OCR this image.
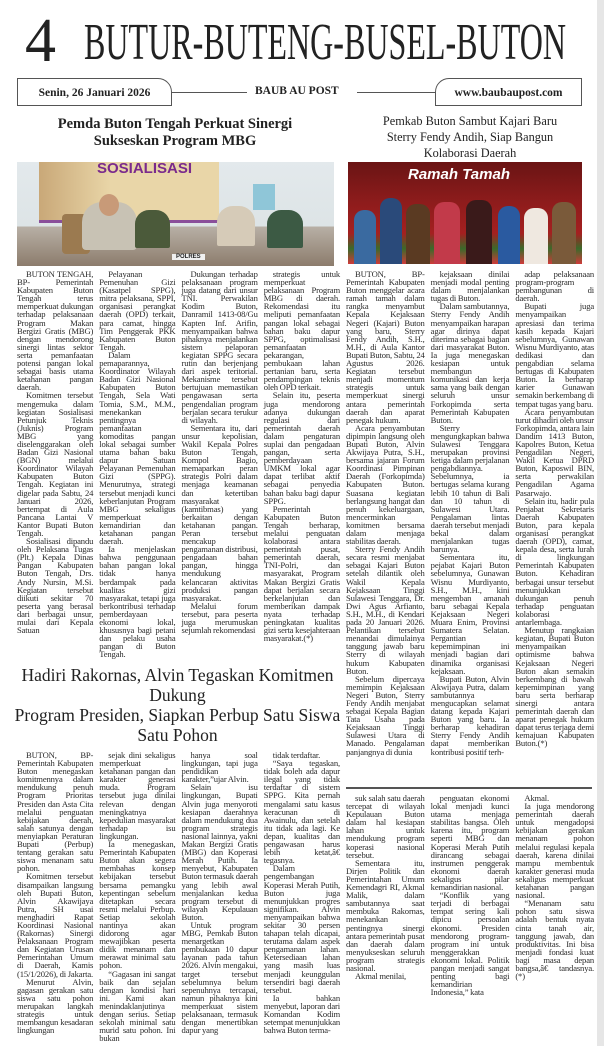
4 BUTUR-BUTENG-BUSEL-BUTON
Senin, 26 Januari 2026	BAUB AU POST	www.baubaupost.com
Pemda Buton Tengah Perkuat Sinergi
Sukseskan Program MBG
SOSIALISASI
POLRES

BUTON TENGAH, BP- Pemerintah Kabupaten Buton Tengah terus memperkuat dukungan terhadap pelaksanaan Program Makan Bergizi Gratis (MBG) dengan mendorong sinergi lintas sektor serta pemanfaatan potensi pangan lokal sebagai basis utama ketahanan pangan daerah.

Komitmen tersebut mengemuka dalam kegiatan Sosialisasi Petunjuk Teknis (Juknis) Program MBG yang diselenggarakan oleh Badan Gizi Nasional (BGN) melalui Koordinator Wilayah Kabupaten Buton Tengah. Kegiatan ini digelar pada Sabtu, 24 Januari 2026, bertempat di Aula Pancana Lantai V Kantor Bupati Buton Tengah.

Sosialisasi dipandu oleh Pelaksana Tugas (Plt.) Kepala Dinas Pangan Kabupaten Buton Tengah, Drs. Andy Nursin, M.Si. Kegiatan tersebut diikuti sekitar 70 peserta yang berasal dari berbagai unsur, mulai dari Kepala Satuan

Pelayanan Pemenuhan Gizi (Kasatpel SPPG), mitra pelaksana, SPPI, organisasi perangkat daerah (OPD) terkait, para camat, hingga Tim Penggerak PKK Kabupaten Buton Tengah.

Dalam pemaparannya, Koordinator Wilayah Badan Gizi Nasional Kabupaten Buton Tengah, Sela Wati Tomia, S.M., M.M., menekankan pentingnya pemanfaatan komoditas pangan lokal sebagai sumber utama bahan baku dapur Satuan Pelayanan Pemenuhan Gizi (SPPG). Menurutnya, strategi tersebut menjadi kunci keberlanjutan Program MBG sekaligus memperkuat kemandirian dan ketahanan pangan daerah.

Ia menjelaskan bahwa penggunaan bahan pangan lokal tidak hanya berdampak pada kualitas gizi masyarakat, tetapi juga berkontribusi terhadap pemberdayaan ekonomi lokal, khususnya bagi petani dan pelaku usaha pangan di Buton Tengah.

Dukungan terhadap pelaksanaan program juga datang dari unsur TNI. Perwakilan Kodim Buton, Danramil 1413-08/Gu Kapten Inf. Arifin, menyampaikan bahwa pihaknya menjalankan sistem pelaporan kegiatan SPPG secara rutin dan berjenjang dari aspek teritorial. Mekanisme tersebut bertujuan memastikan pengawasan serta pengendalian program berjalan secara terukur di wilayah.

Sementara itu, dari unsur kepolisian, Wakil Kepala Polres Buton Tengah, Kompol Bagio, memaparkan peran strategis Polri dalam menjaga keamanan dan ketertiban masyarakat (kamtibmas) yang berkaitan dengan ketahanan pangan. Peran tersebut mencakup pengamanan distribusi, pengadaan bahan pangan, hingga mendukung kelancaran aktivitas produksi pangan masyarakat.

Melalui forum tersebut, para peserta juga merumuskan sejumlah rekomendasi

strategis untuk memperkuat pelaksanaan Program MBG di daerah. Rekomendasi itu meliputi pemanfaatan pangan lokal sebagai bahan baku dapur SPPG, optimalisasi pemanfaatan pekarangan, pembukaan lahan pertanian baru, serta pendampingan teknis oleh OPD terkait.

Selain itu, peserta juga mendorong adanya dukungan regulasi dari pemerintah daerah dalam pengaturan suplai dan pengadaan pangan, serta pemberdayaan UMKM lokal agar dapat terlibat aktif sebagai penyedia bahan baku bagi dapur SPPG.

Pemerintah Kabupaten Buton Tengah berharap, melalui penguatan kolaborasi antara pemerintah pusat, pemerintah daerah, TNI-Polri, dan masyarakat, Program Makan Bergizi Gratis dapat berjalan secara berkelanjutan dan memberikan dampak nyata terhadap peningkatan kualitas gizi serta kesejahteraan masyarakat.(*)

Pemkab Buton Sambut Kajari Baru
Sterry Fendy Andih, Siap Bangun
Kolaborasi Daerah
Ramah Tamah

BUTON, BP- Pemerintah Kabupaten Buton menggelar acara ramah tamah dalam rangka menyambut Kepala Kejaksaan Negeri (Kajari) Buton yang baru, Sterry Fendy Andih, S.H., M.H., di Aula Kantor Bupati Buton, Sabtu, 24 Agustus 2026. Kegiatan tersebut menjadi momentum strategis untuk memperkuat sinergi antara pemerintah daerah dan aparat penegak hukum.

Acara penyambutan dipimpin langsung oleh Bupati Buton, Alvin Akwijaya Putra, S.H., bersama jajaran Forum Koordinasi Pimpinan Daerah (Forkopimda) Kabupaten Buton. Suasana kegiatan berlangsung hangat dan penuh kekeluargaan, mencerminkan komitmen bersama dalam menjaga stabilitas daerah.

Sterry Fendy Andih secara resmi menjabat sebagai Kajari Buton setelah dilantik oleh Wakil Kepala Kejaksaan Tinggi Sulawesi Tenggara, Dr. Dwi Agus Arfianto, S.H., M.H., di Kendari pada 20 Januari 2026. Pelantikan tersebut menandai dimulainya tanggung jawab baru Sterry di wilayah hukum Kabupaten Buton.

Sebelum dipercaya memimpin Kejaksaan Negeri Buton, Sterry Fendy Andih menjabat sebagai Kepala Bagian Tata Usaha pada Kejaksaan Tinggi Sulawesi Utara di Manado. Pengalaman panjangnya di dunia

kejaksaan dinilai menjadi modal penting dalam menjalankan tugas di Buton.

Dalam sambutannya, Sterry Fendy Andih menyampaikan harapan agar dirinya dapat diterima sebagai bagian dari masyarakat Buton. Ia juga menegaskan kesiapan untuk membangun komunikasi dan kerja sama yang baik dengan seluruh unsur Forkopimda serta Pemerintah Kabupaten Buton.

Sterry mengungkapkan bahwa Sulawesi Tenggara merupakan provinsi ketiga dalam perjalanan pengabdiannya. Sebelumnya, ia bertugas selama kurang lebih 10 tahun di Bali dan 10 tahun di Sulawesi Utara. Pengalaman lintas daerah tersebut menjadi bekal dalam menjalankan tugas barunya.

Sementara itu, pejabat Kajari Buton sebelumnya, Gunawan Wisnu Murdiyanto, S.H., M.H., kini mengemban amanah baru sebagai Kepala Kejaksaan Negeri Muara Enim, Provinsi Sumatera Selatan. Pergantian kepemimpinan ini menjadi bagian dari dinamika organisasi kejaksaan.

Bupati Buton, Alvin Akwijaya Putra, dalam sambutannya mengucapkan selamat datang kepada Kajari Buton yang baru. Ia berharap kehadiran Sterry Fendy Andih dapat memberikan kontribusi positif terh-

adap pelaksanaan program-program pembangunan di daerah.

Bupati juga menyampaikan apresiasi dan terima kasih kepada Kajari sebelumnya, Gunawan Wisnu Murdiyanto, atas dedikasi dan pengabdian selama bertugas di Kabupaten Buton. Ia berharap karier Gunawan semakin berkembang di tempat tugas yang baru.

Acara penyambutan turut dihadiri oleh unsur Forkopimda, antara lain Dandim 1413 Buton, Kapolres Buton, Ketua Pengadilan Negeri, Wakil Ketua DPRD Buton, Kaposwil BIN, serta perwakilan Pengadilan Agama Pasarwajo.

Selain itu, hadir pula Penjabat Sekretaris Daerah Kabupaten Buton, para kepala organisasi perangkat daerah (OPD), camat, kepala desa, serta lurah di lingkungan Pemerintah Kabupaten Buton. Kehadiran berbagai unsur tersebut menunjukkan dukungan penuh terhadap penguatan kolaborasi antarlembaga.

Menutup rangkaian kegiatan, Bupati Buton menyampaikan optimisme bahwa Kejaksaan Negeri Buton akan semakin berkembang di bawah kepemimpinan yang baru serta berharap sinergi antara pemerintah daerah dan aparat penegak hukum dapat terus terjaga demi kemajuan Kabupaten Buton.(*)

Hadiri Rakornas, Alvin Tegaskan Komitmen Dukung
Program Presiden, Siapkan Perbup Satu Siswa
Satu Pohon

BUTON, BP-Pemerintah Kabupaten Buton menegaskan komitmennya dalam mendukung penuh Program Prioritas Presiden dan Asta Cita melalui penguatan kebijakan daerah, salah satunya dengan menyiapkan Peraturan Bupati (Perbup) tentang gerakan satu siswa menanam satu pohon.

Komitmen tersebut disampaikan langsung oleh Bupati Buton, Alvin Akawijaya Putra, SH usai menghadiri Rapat Koordinasi Nasional (Rakornas) Sinergi Pelaksanaan Program dan Kegiatan Urusan Pemerintahan Umum di Daerah, Kamis (15/1/2026), di Jakarta.

Menurut Alvin, gagasan gerakan satu siswa satu pohon merupakan langkah strategis untuk membangun kesadaran lingkungan

sejak dini sekaligus memperkuat ketahanan pangan dan karakter generasi muda. Program tersebut juga dinilai relevan dengan meningkatnya kepedulian masyarakat terhadap isu lingkungan.

Ia menegaskan, Pemerintah Kabupaten Buton akan segera membahas konsep kebijakan tersebut bersama pemangku kepentingan sebelum ditetapkan secara resmi melalui Perbup. Setiap sekolah nantinya akan didorong agar mewajibkan peserta didik menanam dan merawat minimal satu pohon.

“Gagasan ini sangat baik dan sejalan dengan kondisi hari ini. Kami akan menindaklanjutinya dengan serius. Setiap sekolah minimal satu murid satu pohon. Ini bukan

hanya soal lingkungan, tapi juga pendidikan karakter,”ujar Alvin.

Selain isu lingkungan, Bupati Alvin juga menyoroti kesiapan daerahnya dalam mendukung dua program strategis nasional lainnya, yakni Makan Bergizi Gratis (MBG) dan Koperasi Merah Putih. Ia menyebut, Kabupaten Buton termasuk daerah yang lebih awal menjalankan kedua program tersebut di wilayah Kepulauan Buton.

Untuk program MBG, Pemkab Buton menargetkan pembukaan 10 dapur layanan pada tahun 2026. Alvin mengakui, target tersebut sebelumnya belum sepenuhnya tercapai, namun pihaknya kini memperkuat sistem pelaksanaan, termasuk dengan menertibkan dapur yang

tidak terdaftar.

“Saya tegaskan, tidak boleh ada dapur ilegal yang tidak terdaftar di sistem SPPG. Kita pernah mengalami satu kasus keracunan di Awainulu, dan setelah itu tidak ada lagi. Ke depan, kualitas dan pengawasan harus lebih ketat,â€ tegasnya.

Dalam pengembangan Koperasi Merah Putih, Buton juga menunjukkan progres signifikan. Alvin menyampaikan bahwa sekitar 30 persen tahapan telah dicapai, terutama dalam aspek pengamanan lahan. Ketersediaan lahan yang masih luas menjadi keunggulan tersendiri bagi daerah tersebut.

Ia bahkan menyebut, laporan dari Komandan Kodim setempat menunjukkan bahwa Buton terma-

suk salah satu daerah tercepat di wilayah Kepulauan Buton dalam hal kesiapan lahan untuk mendukung program koperasi nasional tersebut.

Sementara itu, Dirjen Politik dan Pemerintahan Umum Kemendagri RI, Akmal Malik, dalam sambutannya saat membuka Rakornas, menekankan pentingnya sinergi antara pemerintah pusat dan daerah dalam menyukseskan seluruh program strategis nasional.

Akmal menilai,

penguatan ekonomi lokal menjadi kunci utama menjaga stabilitas bangsa. Oleh karena itu, program seperti MBG dan Koperasi Merah Putih dirancang sebagai instrumen penggerak ekonomi daerah sekaligus pilar kemandirian nasional.

“Konflik yang terjadi di berbagai tempat sering kali dipicu persoalan ekonomi. Presiden mendorong program-program ini untuk menggerakkan ekonomi lokal. Politik pangan menjadi sangat penting bagi kemandirian Indonesia,” kata

Akmal.

Ia juga mendorong pemerintah daerah untuk mengadopsi kebijakan gerakan menanam pohon melalui regulasi kepala daerah, karena dinilai mampu membentuk karakter generasi muda sekaligus memperkuat ketahanan pangan nasional.

“Menanam satu pohon satu siswa adalah bentuk nyata cinta tanah air, tanggung jawab, dan produktivitas. Ini bisa menjadi fondasi kuat bagi masa depan bangsa,â€ tandasnya.(*)
